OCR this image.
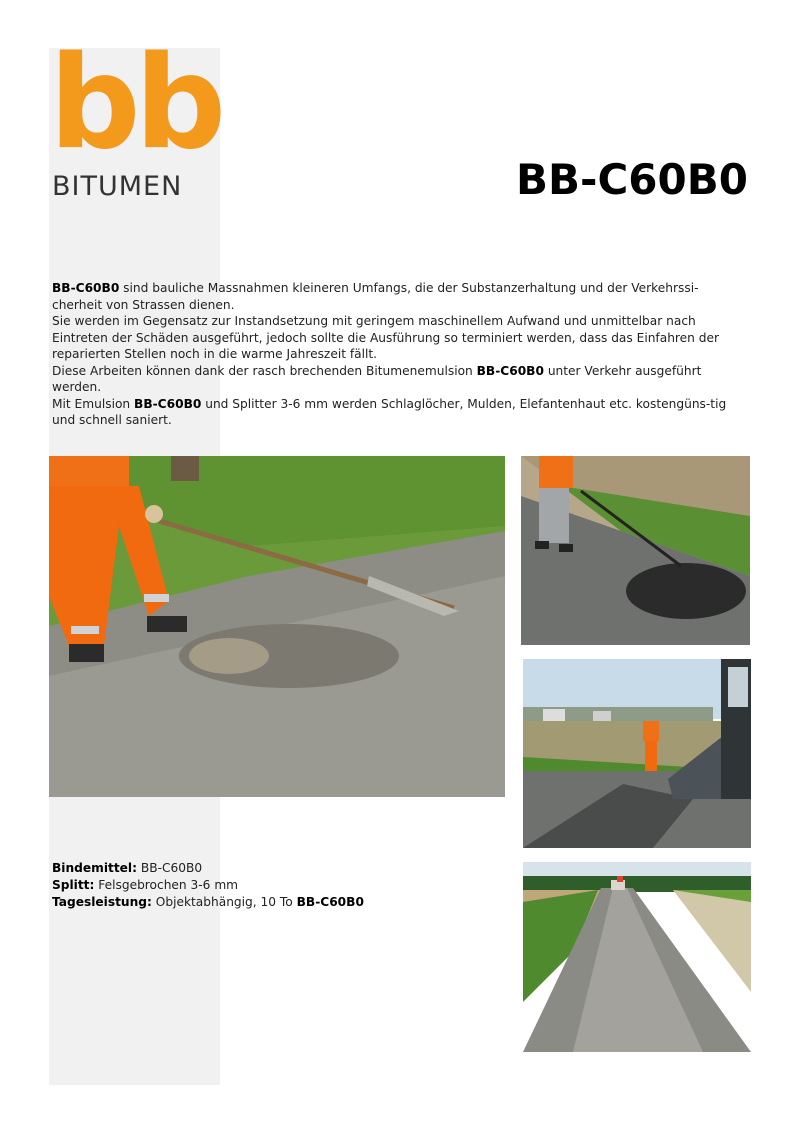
bb
BITUMEN	BB-C60B0

BB-C60B0 sind bauliche Massnahmen kleineren Umfangs, die der Substanzerhaltung und der Verkehrssi-cherheit von Strassen dienen.

Sie werden im Gegensatz zur Instandsetzung mit geringem maschinellem Aufwand und unmittelbar nach Eintreten der Schäden ausgeführt, jedoch sollte die Ausführung so terminiert werden, dass das Einfahren der reparierten Stellen noch in die warme Jahreszeit fällt.

Diese Arbeiten können dank der rasch brechenden Bitumenemulsion BB-C60B0 unter Verkehr ausgeführt werden.

Mit Emulsion BB-C60B0 und Splitter 3-6 mm werden Schlaglöcher, Mulden, Elefantenhaut etc. kostengüns-tig und schnell saniert.

Bindemittel: BB-C60B0
Splitt: Felsgebrochen 3-6 mm
Tagesleistung: Objektabhängig, 10 To BB-C60B0
